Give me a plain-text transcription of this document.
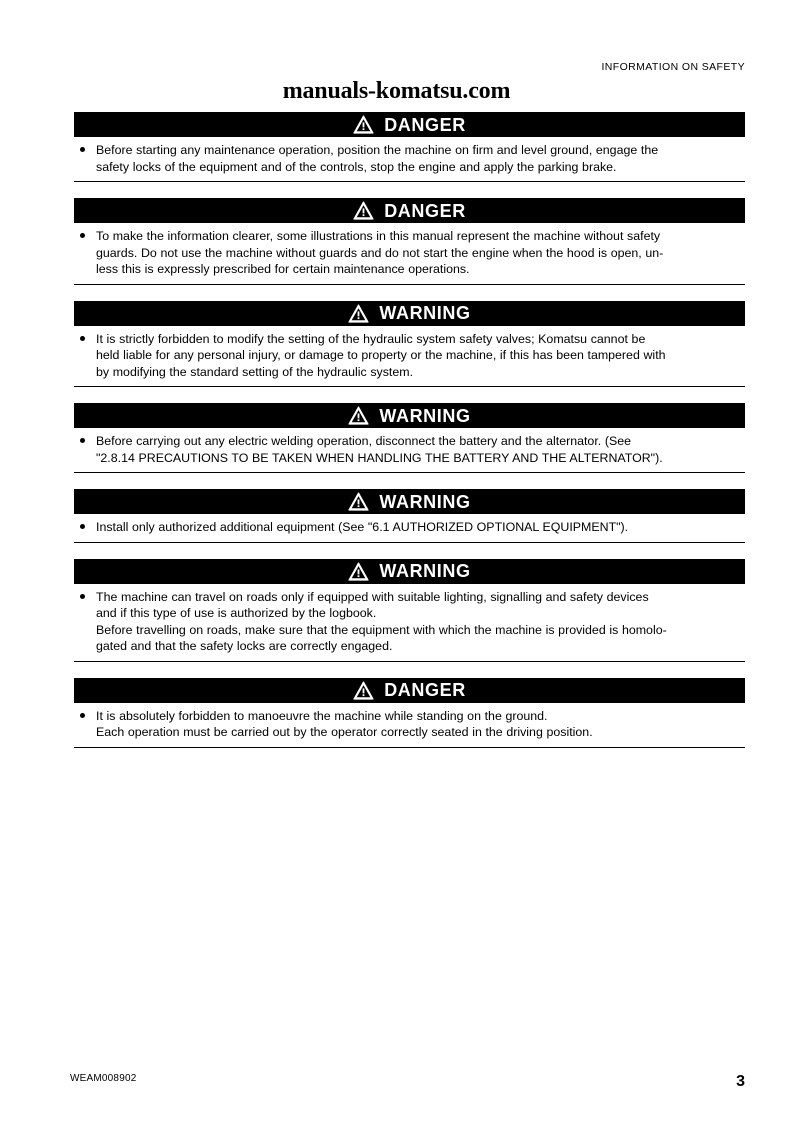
INFORMATION ON SAFETY
manuals-komatsu.com
DANGER
Before starting any maintenance operation, position the machine on firm and level ground, engage the
safety locks of the equipment and of the controls, stop the engine and apply the parking brake.
DANGER
To make the information clearer, some illustrations in this manual represent the machine without safety
guards. Do not use the machine without guards and do not start the engine when the hood is open, un-
less this is expressly prescribed for certain maintenance operations.
WARNING
It is strictly forbidden to modify the setting of the hydraulic system safety valves; Komatsu cannot be
held liable for any personal injury, or damage to property or the machine, if this has been tampered with
by modifying the standard setting of the hydraulic system.
WARNING
Before carrying out any electric welding operation, disconnect the battery and the alternator. (See
"2.8.14 PRECAUTIONS TO BE TAKEN WHEN HANDLING THE BATTERY AND THE ALTERNATOR").
WARNING
Install only authorized additional equipment (See "6.1 AUTHORIZED OPTIONAL EQUIPMENT").
WARNING
The machine can travel on roads only if equipped with suitable lighting, signalling and safety devices
and if this type of use is authorized by the logbook.
Before travelling on roads, make sure that the equipment with which the machine is provided is homolo-
gated and that the safety locks are correctly engaged.
DANGER
It is absolutely forbidden to manoeuvre the machine while standing on the ground.
Each operation must be carried out by the operator correctly seated in the driving position.
WEAM008902	3
